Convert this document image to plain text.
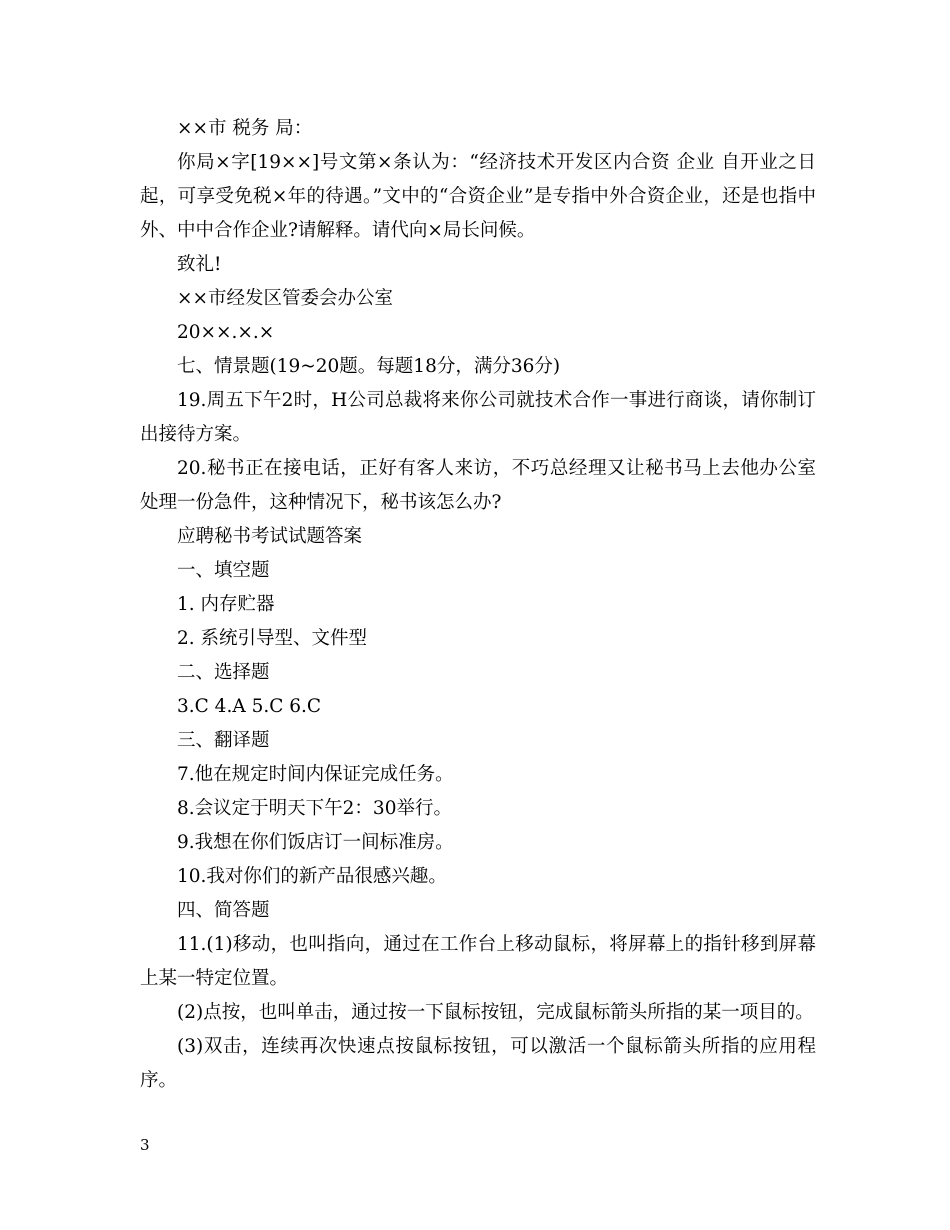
××市 税务 局：

你局×字[19××]号文第×条认为：“经济技术开发区内合资 企业 自开业之日起，可享受免税×年的待遇。”文中的“合资企业”是专指中外合资企业，还是也指中外、中中合作企业?请解释。请代向×局长问候。

致礼!

××市经发区管委会办公室

20××.×.×

七、情景题(19~20题。每题18分，满分36分)

19.周五下午2时，H公司总裁将来你公司就技术合作一事进行商谈，请你制订出接待方案。

20.秘书正在接电话，正好有客人来访，不巧总经理又让秘书马上去他办公室处理一份急件，这种情况下，秘书该怎么办?

应聘秘书考试试题答案

一、填空题

1. 内存贮器

2. 系统引导型、文件型

二、选择题

3.C 4.A 5.C 6.C

三、翻译题

7.他在规定时间内保证完成任务。

8.会议定于明天下午2：30举行。

9.我想在你们饭店订一间标准房。

10.我对你们的新产品很感兴趣。

四、简答题

11.(1)移动，也叫指向，通过在工作台上移动鼠标，将屏幕上的指针移到屏幕上某一特定位置。

(2)点按，也叫单击，通过按一下鼠标按钮，完成鼠标箭头所指的某一项目的。

(3)双击，连续再次快速点按鼠标按钮，可以激活一个鼠标箭头所指的应用程序。

3
